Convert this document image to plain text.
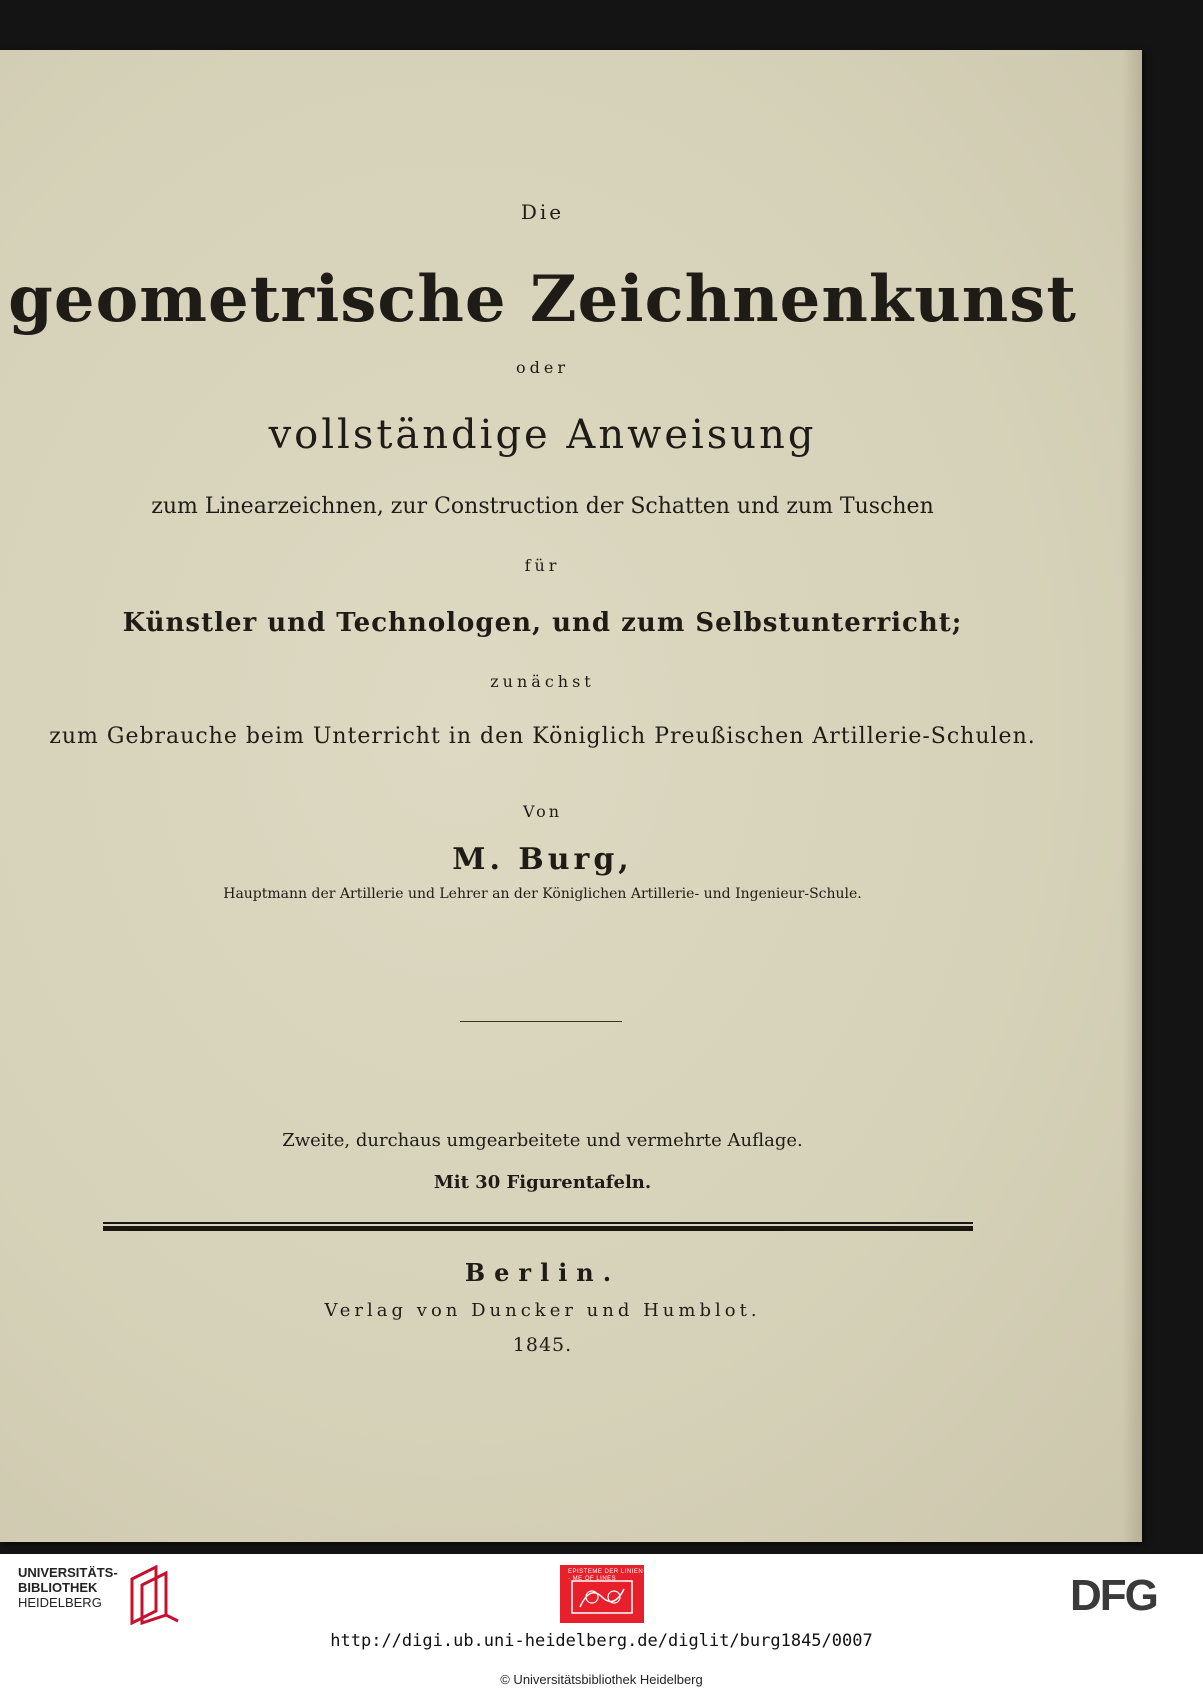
Die
geometrische Zeichnenkunst
oder
vollständige Anweisung
zum Linearzeichnen, zur Construction der Schatten und zum Tuschen
für
Künstler und Technologen, und zum Selbstunterricht;
zunächst
zum Gebrauche beim Unterricht in den Königlich Preußischen Artillerie-Schulen.
Von
M. Burg,
Hauptmann der Artillerie und Lehrer an der Königlichen Artillerie- und Ingenieur-Schule.
Zweite, durchaus umgearbeitete und vermehrte Auflage.
Mit 30 Figurentafeln.
Berlin.
Verlag von Duncker und Humblot.
1845.
UNIVERSITÄTS-
BIBLIOTHEK
HEIDELBERG
EPISTEME DER LINIEN · ME OF LINES	DFG
http://digi.ub.uni-heidelberg.de/diglit/burg1845/0007
© Universitätsbibliothek Heidelberg
